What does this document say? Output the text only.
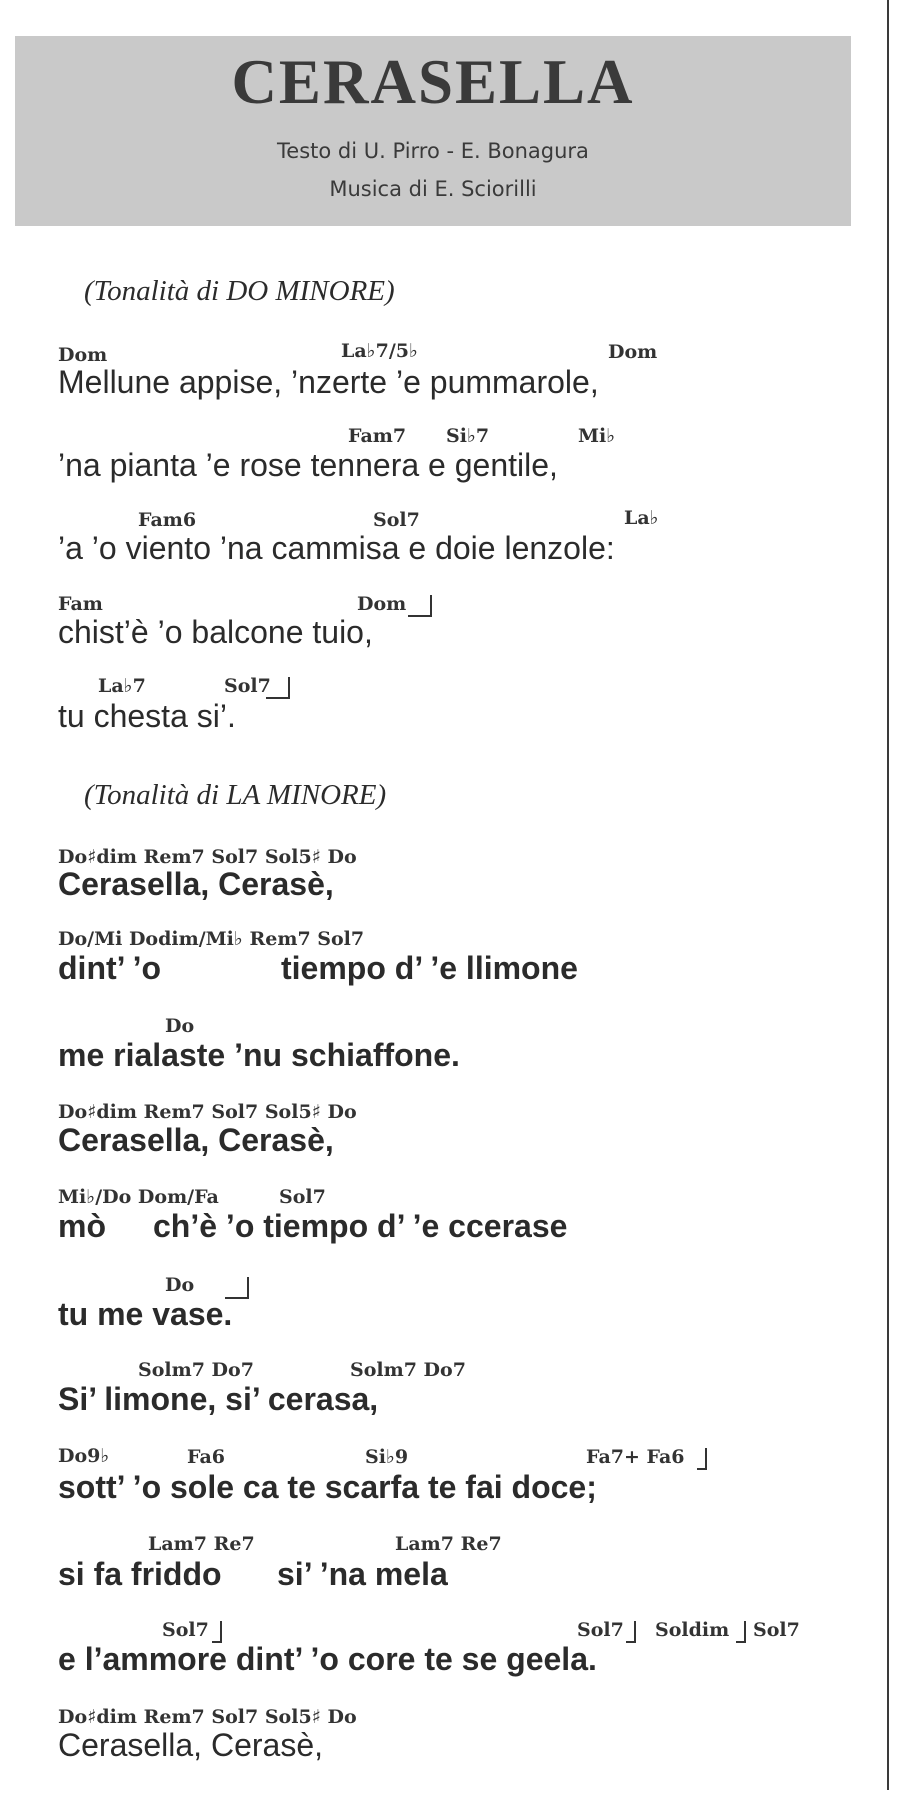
CERASELLA
Testo di U. Pirro - E. Bonagura
Musica di E. Sciorilli
(Tonalità di DO MINORE)
Dom	La♭7/5♭	Dom
Mellune appise, ’nzerte ’e pummarole,
Fam7 Si♭7	Mi♭
’na pianta ’e rose tennera e gentile,
Fam6	Sol7	La♭
’a ’o viento ’na cammisa e doie lenzole:
Fam	Dom
chist’è ’o balcone tuio,
La♭7	Sol7
tu chesta si’.
(Tonalità di LA MINORE)
Do♯dim Rem7 Sol7 Sol5♯ Do
Cerasella, Cerasè,
Do/Mi Dodim/Mi♭ Rem7 Sol7
dint’ ’o	tiempo d’ ’e llimone
Do
me rialaste ’nu schiaffone.
Do♯dim Rem7 Sol7 Sol5♯ Do
Cerasella, Cerasè,
Mi♭/Do Dom/Fa	Sol7
mò ch’è ’o tiempo d’ ’e ccerase
Do
tu me vase.
Solm7 Do7	Solm7 Do7
Si’ limone, si’ cerasa,
Do9♭	Fa6	Si♭9	Fa7+ Fa6
sott’ ’o sole ca te scarfa te fai doce;
Lam7 Re7	Lam7 Re7
si fa friddo si’ ’na mela
Sol7	Sol7 Soldim Sol7
e l’ammore dint’ ’o core te se geela.
Do♯dim Rem7 Sol7 Sol5♯ Do
Cerasella, Cerasè,
